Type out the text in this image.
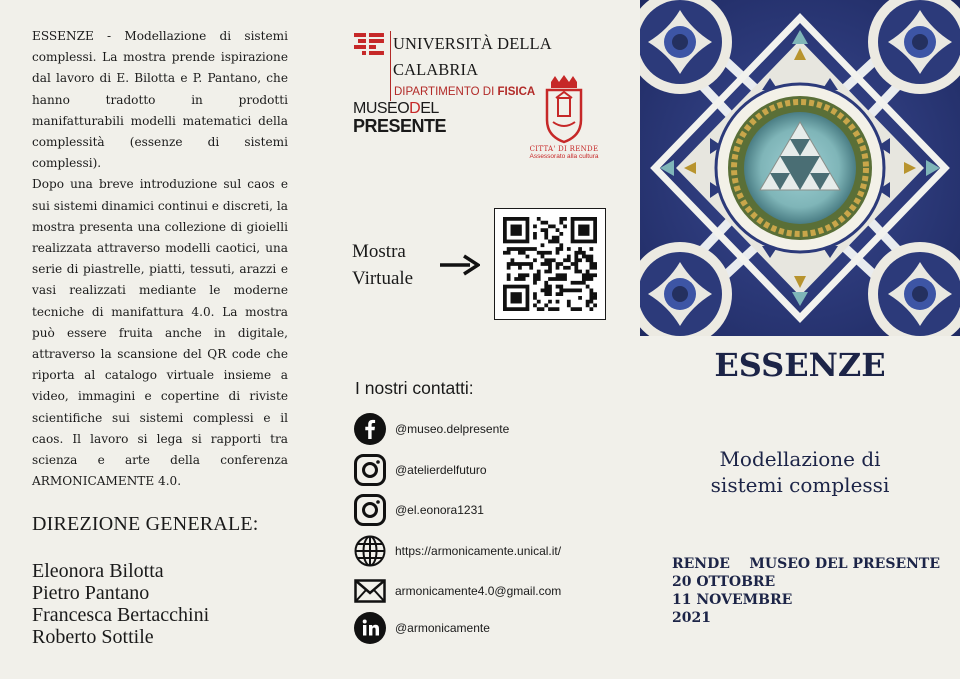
ESSENZE - Modellazione di sistemi complessi. La mostra prende ispirazione dal lavoro di E. Bilotta e P. Pantano, che hanno tradotto in prodotti manifatturabili modelli matematici della complessità (essenze di sistemi complessi).

Dopo una breve introduzione sul caos e sui sistemi dinamici continui e discreti, la mostra presenta una collezione di gioielli realizzata attraverso modelli caotici, una serie di piastrelle, piatti, tessuti, arazzi e vasi realizzati mediante le moderne tecniche di manifattura 4.0. La mostra può essere fruita anche in digitale, attraverso la scansione del QR code che riporta al catalogo virtuale insieme a video, immagini e copertine di riviste scientifiche sui sistemi complessi e il caos. Il lavoro si lega si rapporti tra scienza e arte della conferenza ARMONICAMENTE 4.0.

DIREZIONE GENERALE:
Eleonora Bilotta
Pietro Pantano
Francesca Bertacchini
Roberto Sottile
UNIVERSITÀ DELLA CALABRIA
DIPARTIMENTO DI FISICA
MUSEODEL
PRESENTE
CITTA' DI RENDE
Assessorato alla cultura
Mostra
Virtuale
I nostri contatti:
@museo.delpresente
@atelierdelfuturo
@el.eonora1231
https://armonicamente.unical.it/
armonicamente4.0@gmail.com
@armonicamente
ESSENZE
Modellazione di
sistemi complessi
RENDE    MUSEO DEL PRESENTE
20 OTTOBRE
11 NOVEMBRE
2021
